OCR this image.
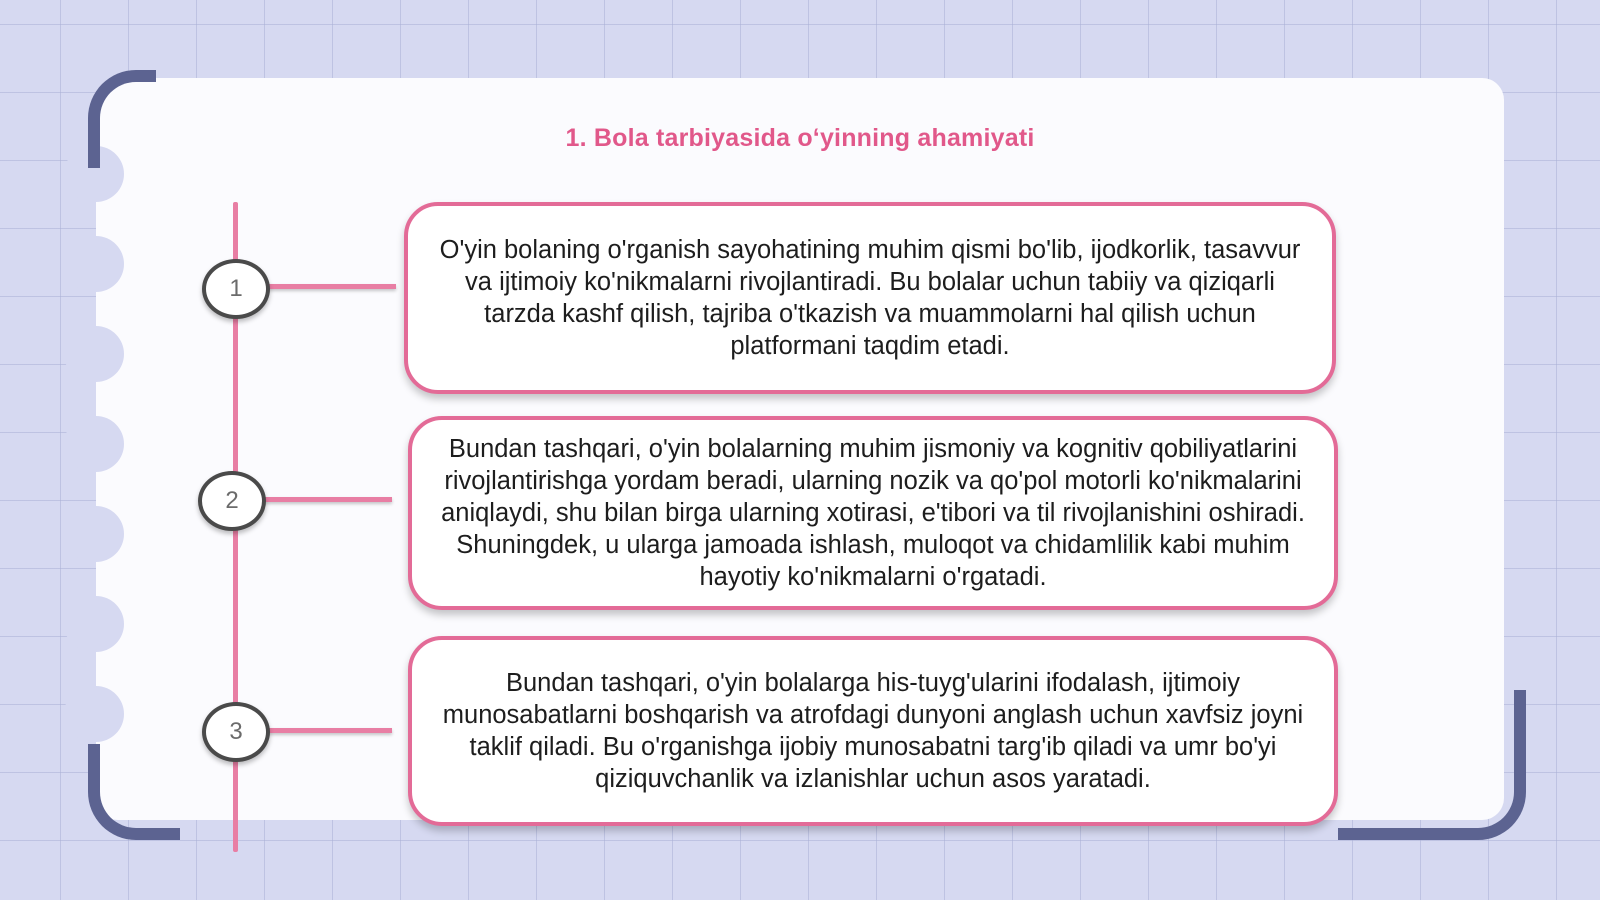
1. Bola tarbiyasida o‘yinning ahamiyati
1
2
3
O'yin bolaning o'rganish sayohatining muhim qismi bo'lib, ijodkorlik, tasavvur va ijtimoiy ko'nikmalarni rivojlantiradi. Bu bolalar uchun tabiiy va qiziqarli tarzda kashf qilish, tajriba o'tkazish va muammolarni hal qilish uchun platformani taqdim etadi.
Bundan tashqari, o'yin bolalarning muhim jismoniy va kognitiv qobiliyatlarini rivojlantirishga yordam beradi, ularning nozik va qo'pol motorli ko'nikmalarini aniqlaydi, shu bilan birga ularning xotirasi, e'tibori va til rivojlanishini oshiradi. Shuningdek, u ularga jamoada ishlash, muloqot va chidamlilik kabi muhim hayotiy ko'nikmalarni o'rgatadi.
Bundan tashqari, o'yin bolalarga his-tuyg'ularini ifodalash, ijtimoiy munosabatlarni boshqarish va atrofdagi dunyoni anglash uchun xavfsiz joyni taklif qiladi. Bu o'rganishga ijobiy munosabatni targ'ib qiladi va umr bo'yi qiziquvchanlik va izlanishlar uchun asos yaratadi.
